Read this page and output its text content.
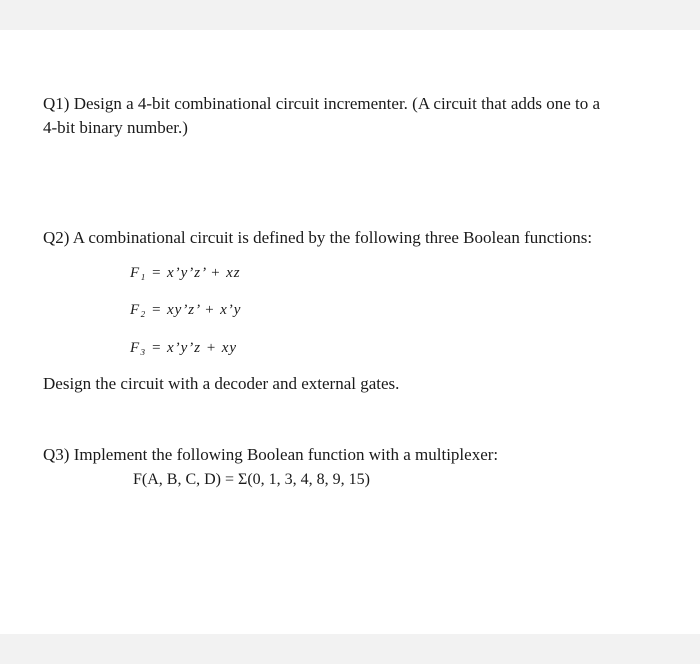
Q1) Design a 4-bit combinational circuit incrementer. (A circuit that adds one to a
4-bit binary number.)
Q2) A combinational circuit is defined by the following three Boolean functions:
F₁ = x’y’z’ + xz
F₂ = xy’z’ + x’y
F₃ = x’y’z + xy
Design the circuit with a decoder and external gates.
Q3) Implement the following Boolean function with a multiplexer:
F(A, B, C, D) = Σ(0, 1, 3, 4, 8, 9, 15)
